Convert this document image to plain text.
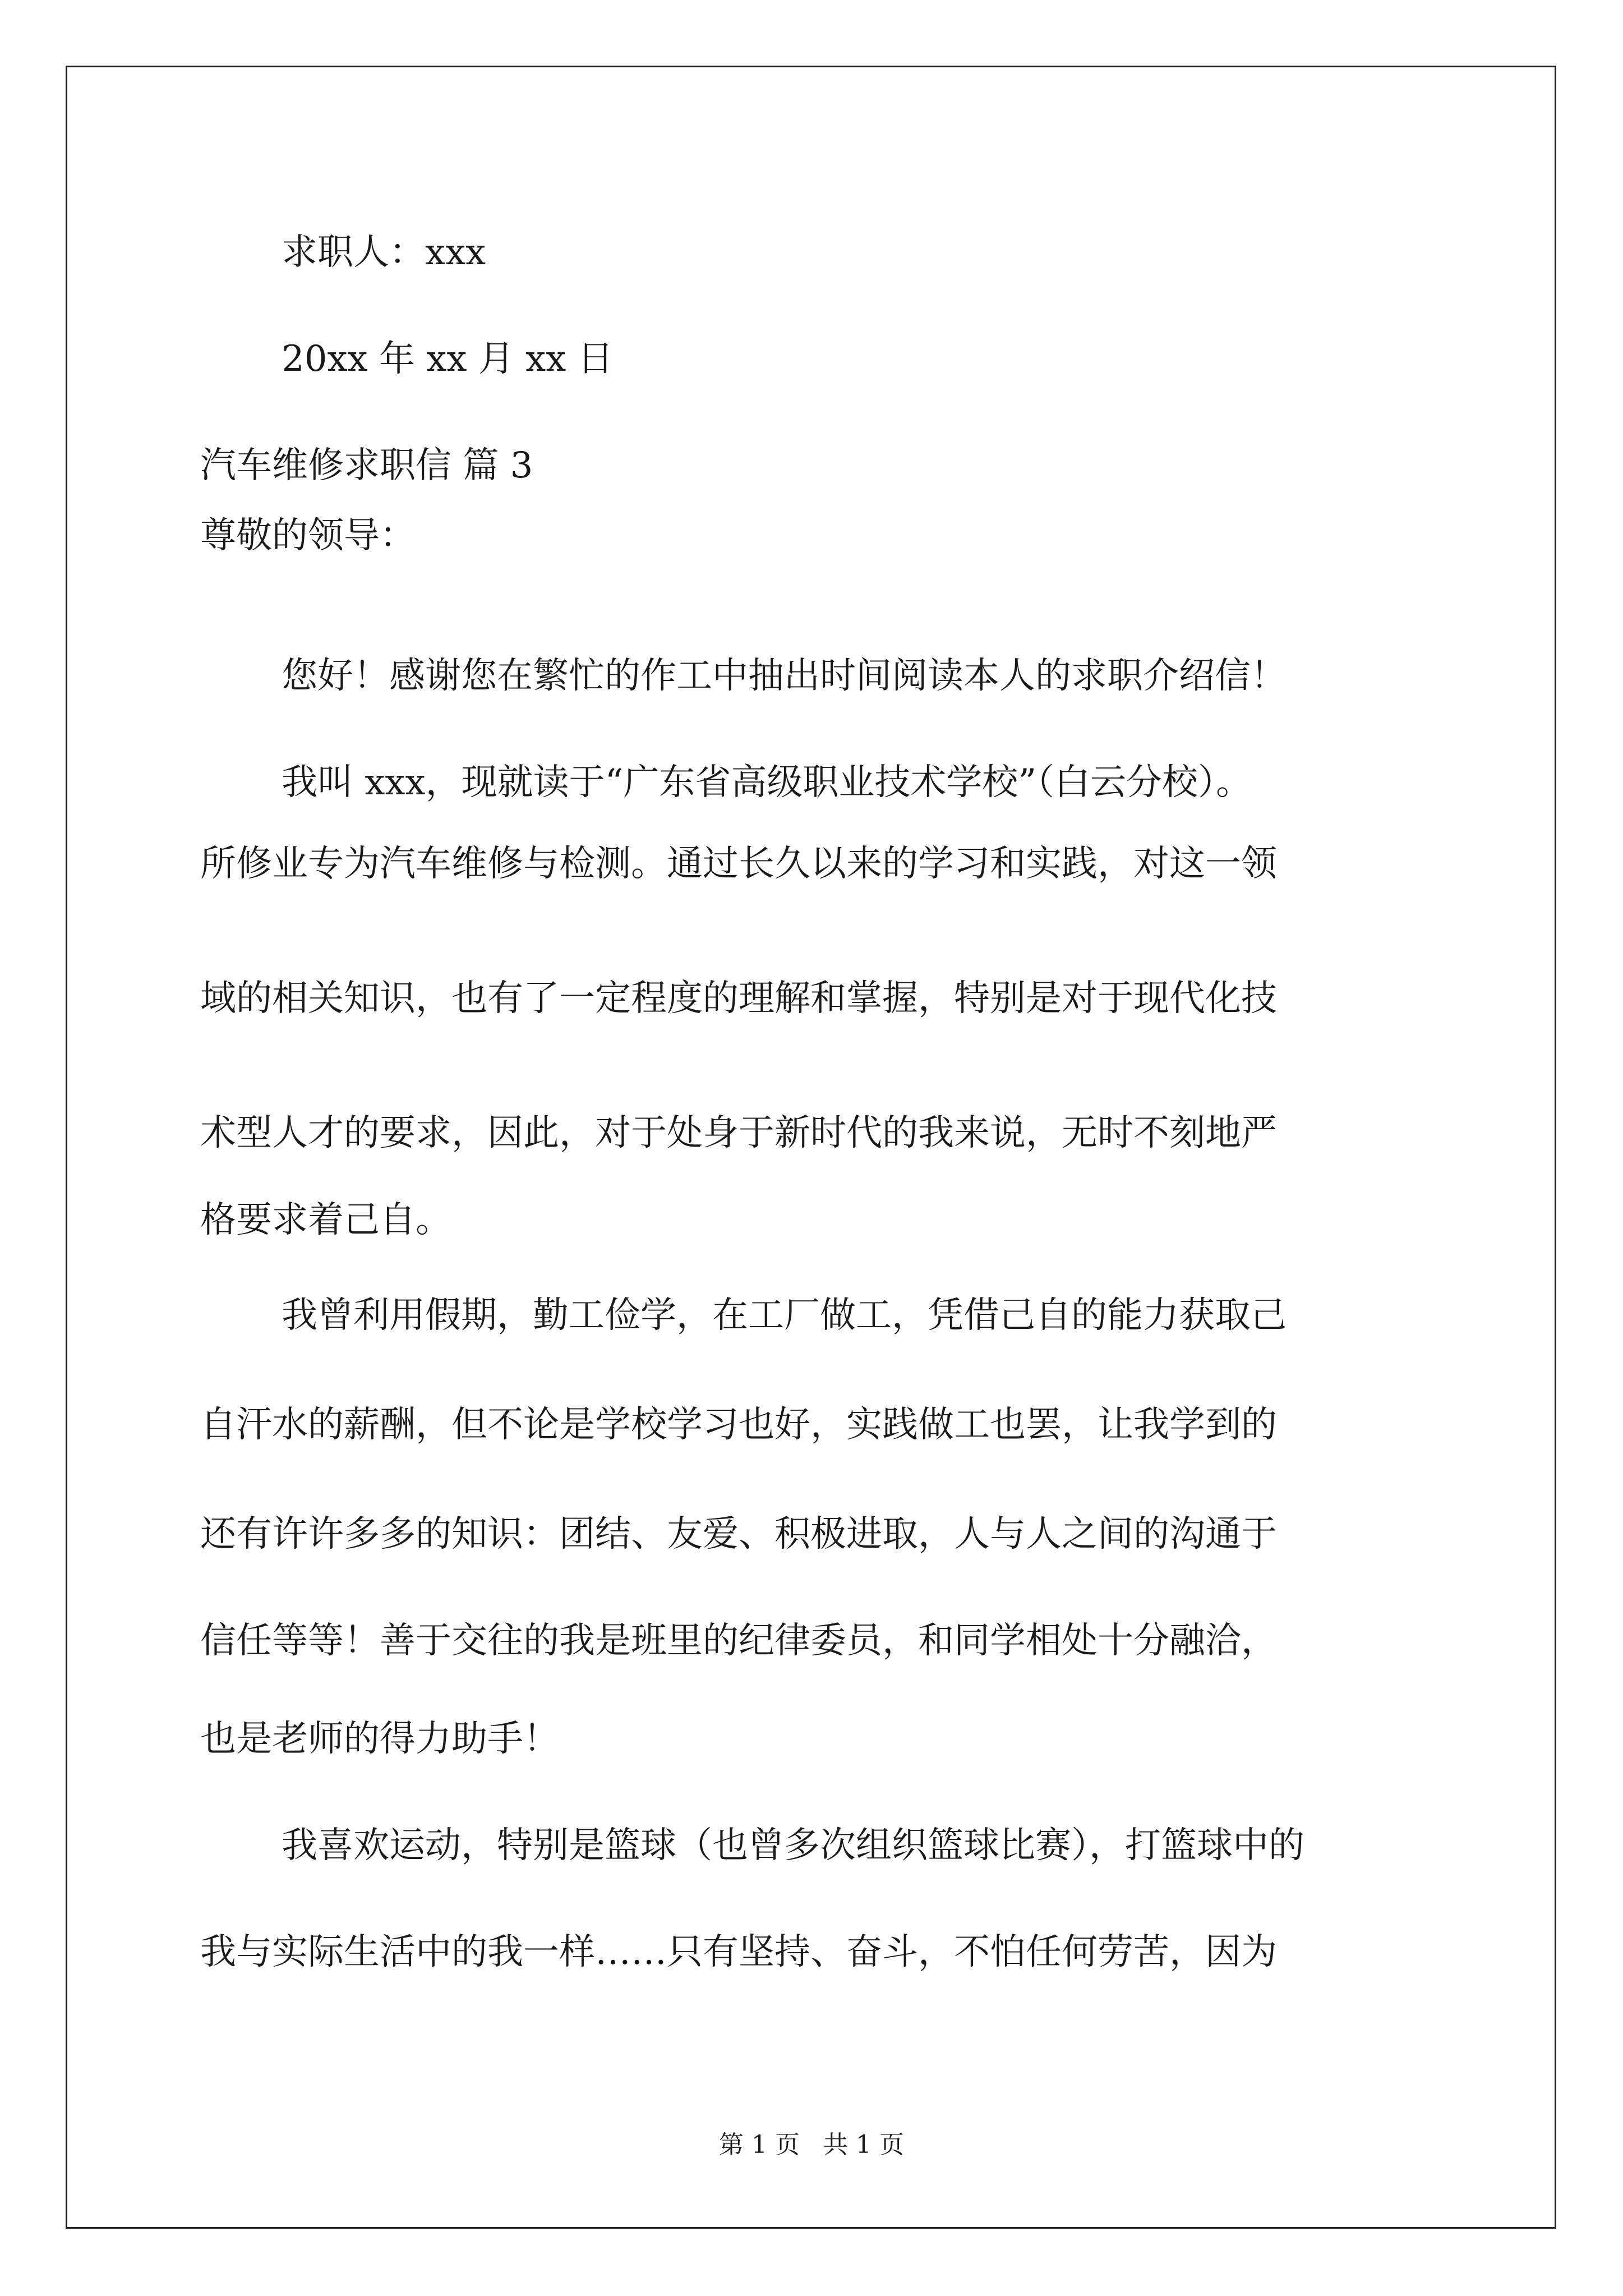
求职人：xxx
20xx 年 xx 月 xx 日
汽车维修求职信 篇 3
尊敬的领导：
您好！感谢您在繁忙的作工中抽出时间阅读本人的求职介绍信！
我叫 xxx，现就读于“广东省高级职业技术学校”（白云分校）。
所修业专为汽车维修与检测。通过长久以来的学习和实践，对这一领
域的相关知识，也有了一定程度的理解和掌握，特别是对于现代化技
术型人才的要求，因此，对于处身于新时代的我来说，无时不刻地严
格要求着己自。
我曾利用假期，勤工俭学，在工厂做工，凭借己自的能力获取己
自汗水的薪酬，但不论是学校学习也好，实践做工也罢，让我学到的
还有许许多多的知识：团结、友爱、积极进取，人与人之间的沟通于
信任等等！善于交往的我是班里的纪律委员，和同学相处十分融洽，
也是老师的得力助手！
我喜欢运动，特别是篮球（也曾多次组织篮球比赛），打篮球中的
我与实际生活中的我一样……只有坚持、奋斗，不怕任何劳苦，因为
第 1 页   共 1 页
